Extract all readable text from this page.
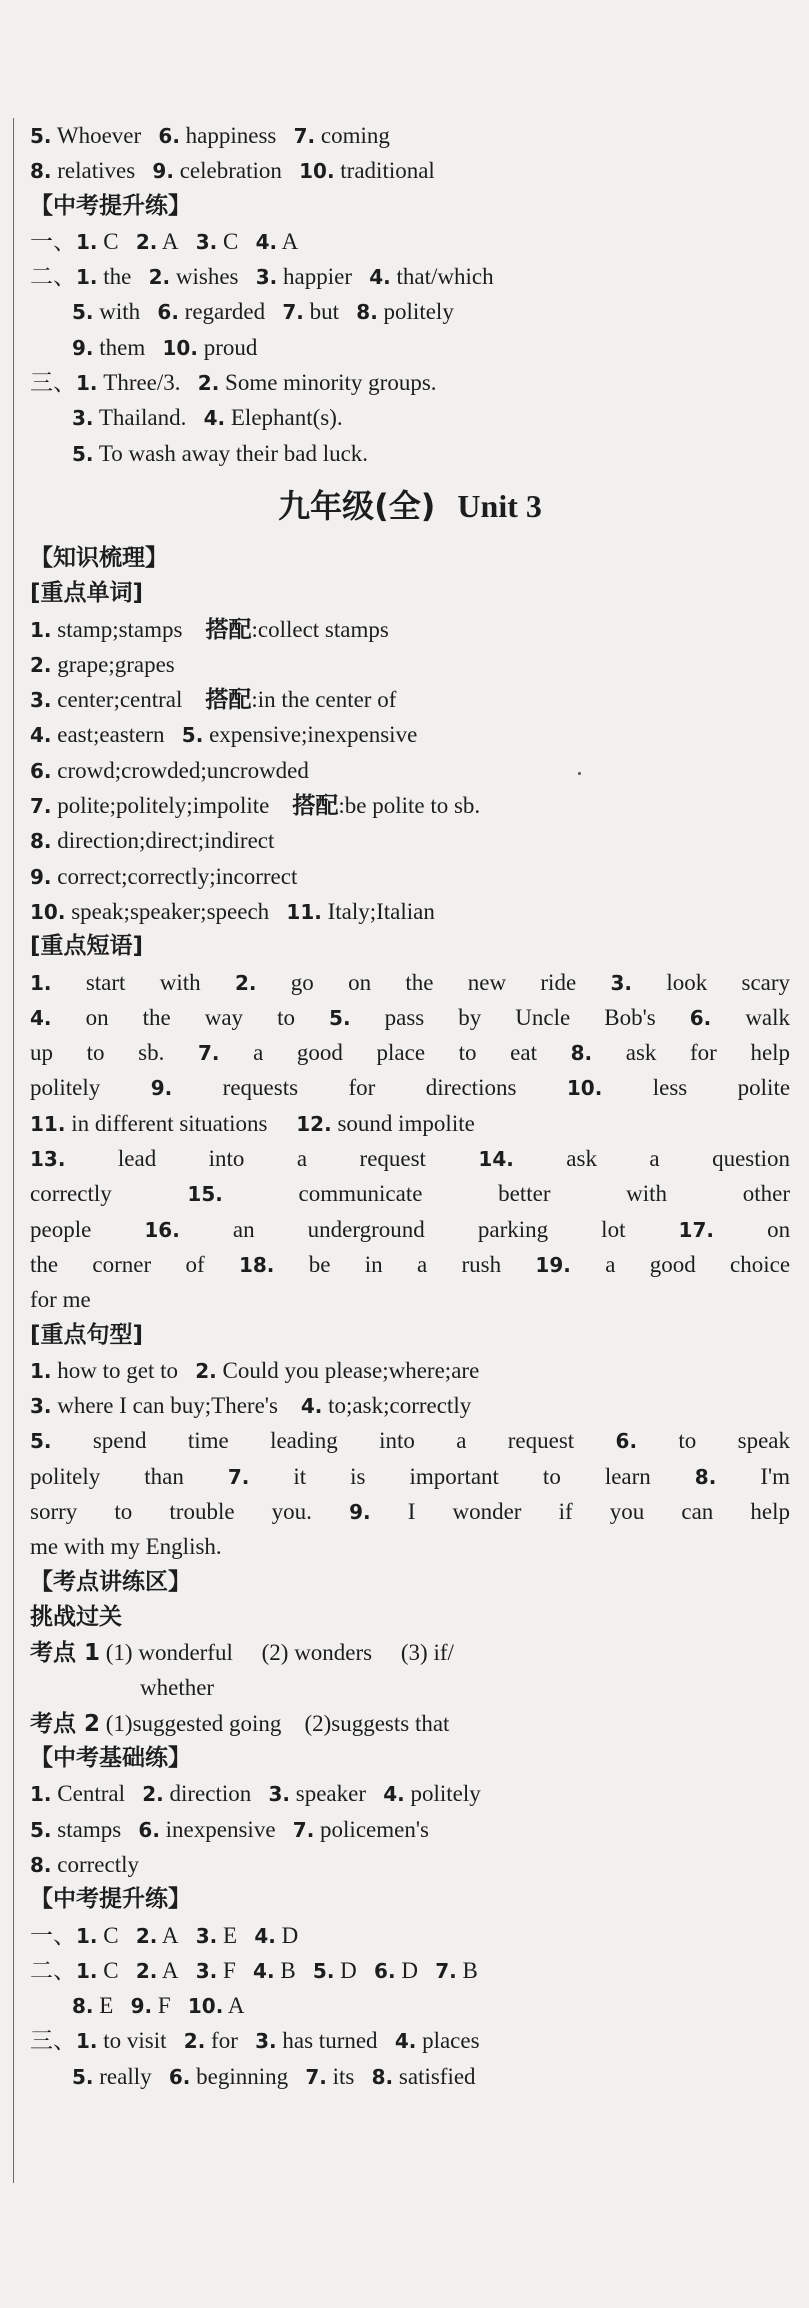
5. Whoever 6. happiness 7. coming
8. relatives 9. celebration 10. traditional
【中考提升练】
一、1. C 2. A 3. C 4. A
二、1. the 2. wishes 3. happier 4. that/which
5. with 6. regarded 7. but 8. politely
9. them 10. proud
三、1. Three/3. 2. Some minority groups.
3. Thailand. 4. Elephant(s).
5. To wash away their bad luck.
九年级(全) Unit 3
【知识梳理】
[重点单词]
1. stamp;stamps 搭配:collect stamps
2. grape;grapes
3. center;central 搭配:in the center of
4. east;eastern 5. expensive;inexpensive
6. crowd;crowded;uncrowded
7. polite;politely;impolite 搭配:be polite to sb.
8. direction;direct;indirect
9. correct;correctly;incorrect
10. speak;speaker;speech 11. Italy;Italian
[重点短语]
1. start with 2. go on the new ride 3. look scary
4. on the way to 5. pass by Uncle Bob's 6. walk
up to sb. 7. a good place to eat 8. ask for help
politely	9. requests for directions	10. less polite
11. in different situations 12. sound impolite
13. lead into a request	14. ask a question
correctly	15.	communicate better with other
people	16. an underground parking lot	17. on
the corner of 18. be in a rush 19. a good choice
for me
[重点句型]
1. how to get to 2. Could you please;where;are
3. where I can buy;There's 4. to;ask;correctly
5. spend time leading into a request 6. to speak
politely than 7. it is important to learn 8. I'm
sorry to trouble you. 9. I wonder if you can help
me with my English.
【考点讲练区】
挑战过关
考点 1 (1) wonderful (2) wonders (3) if/
whether
考点 2 (1)suggested going (2)suggests that
【中考基础练】
1. Central 2. direction 3. speaker 4. politely
5. stamps 6. inexpensive 7. policemen's
8. correctly
【中考提升练】
一、1. C 2. A 3. E 4. D
二、1. C 2. A 3. F 4. B 5. D 6. D 7. B
8. E 9. F 10. A
三、1. to visit 2. for 3. has turned 4. places
5. really 6. beginning 7. its 8. satisfied
